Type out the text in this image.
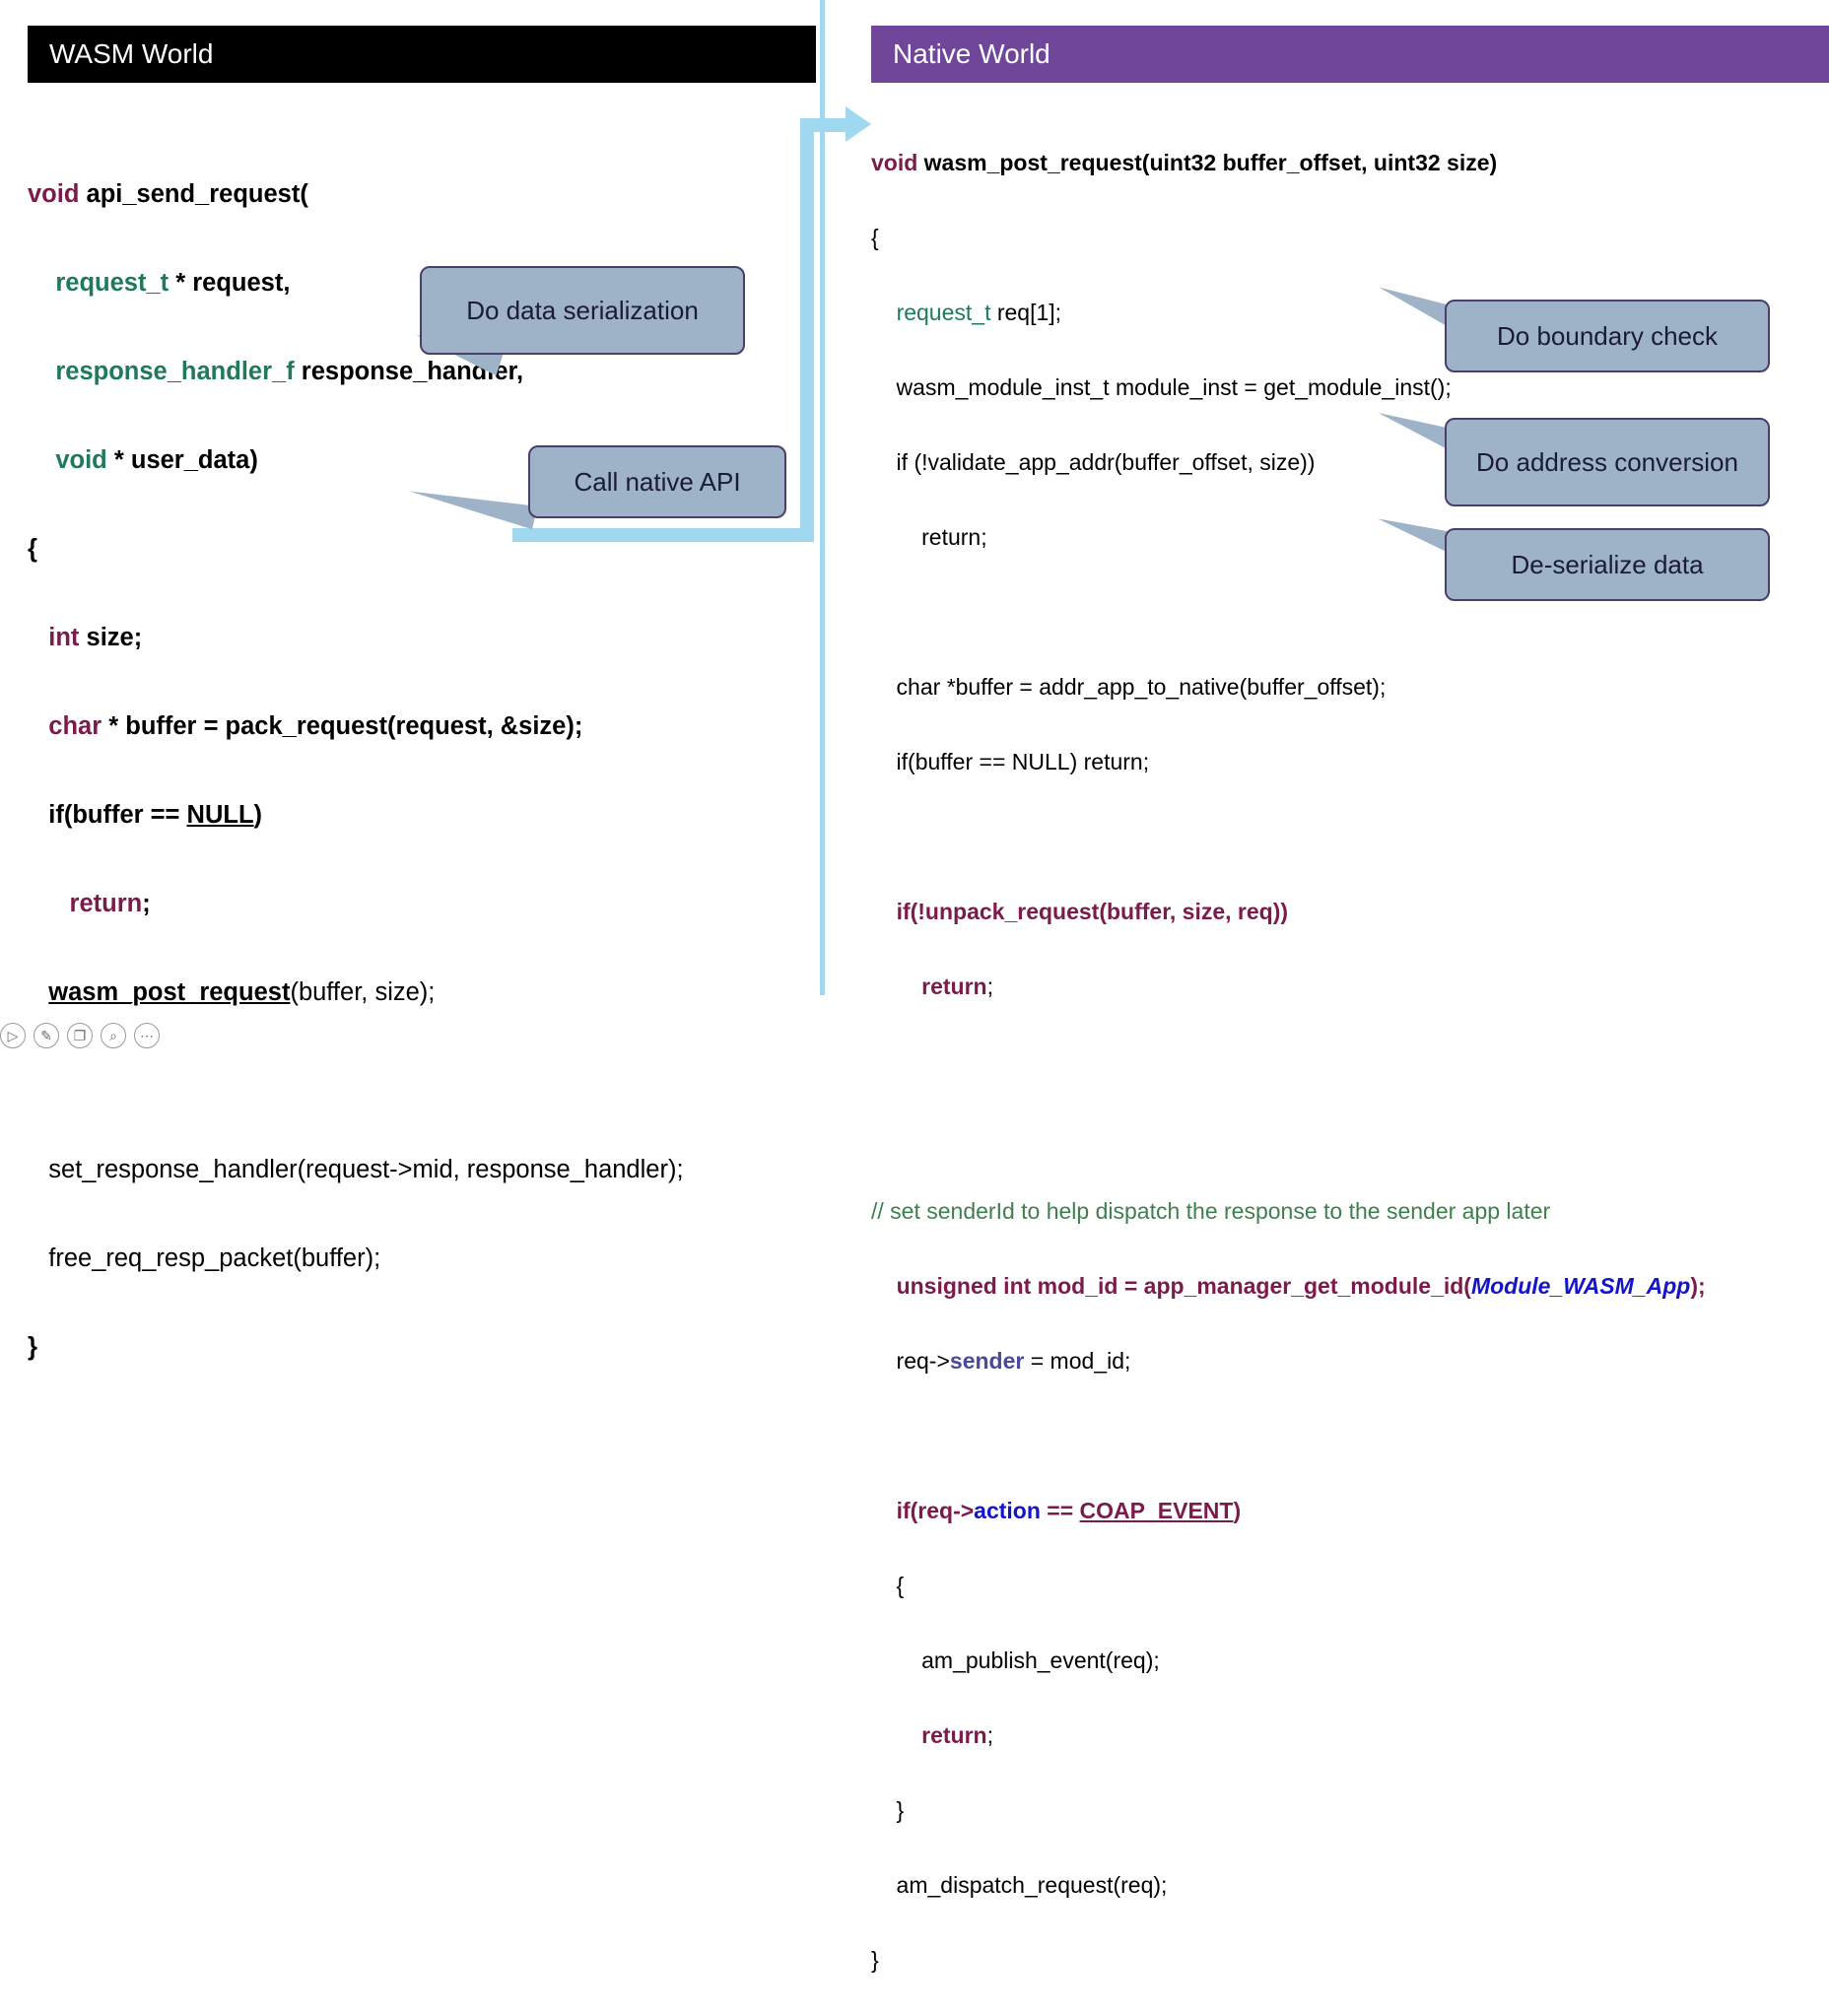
WASM World

void api_send_request(

request_t * request,

response_handler_f response_handler,

void * user_data)

{

int size;

char * buffer = pack_request(request, &size);

if(buffer == NULL)

return;

wasm_post_request(buffer, size);

set_response_handler(request->mid, response_handler);

free_req_resp_packet(buffer);

}

Native World

void wasm_post_request(uint32 buffer_offset, uint32 size)

{

request_t req[1];

wasm_module_inst_t module_inst = get_module_inst();

if (!validate_app_addr(buffer_offset, size))

return;

char *buffer = addr_app_to_native(buffer_offset);

if(buffer == NULL) return;

if(!unpack_request(buffer, size, req))

return;

// set senderId to help dispatch the response to the sender app later

unsigned int mod_id = app_manager_get_module_id(Module_WASM_App);

req->sender = mod_id;

if(req->action == COAP_EVENT)

{

am_publish_event(req);

return;

}

am_dispatch_request(req);

}

Do data serialization
Call native API
Do boundary check
Do address conversion
De-serialize data
▷	✎	❐	⌕	⋯
